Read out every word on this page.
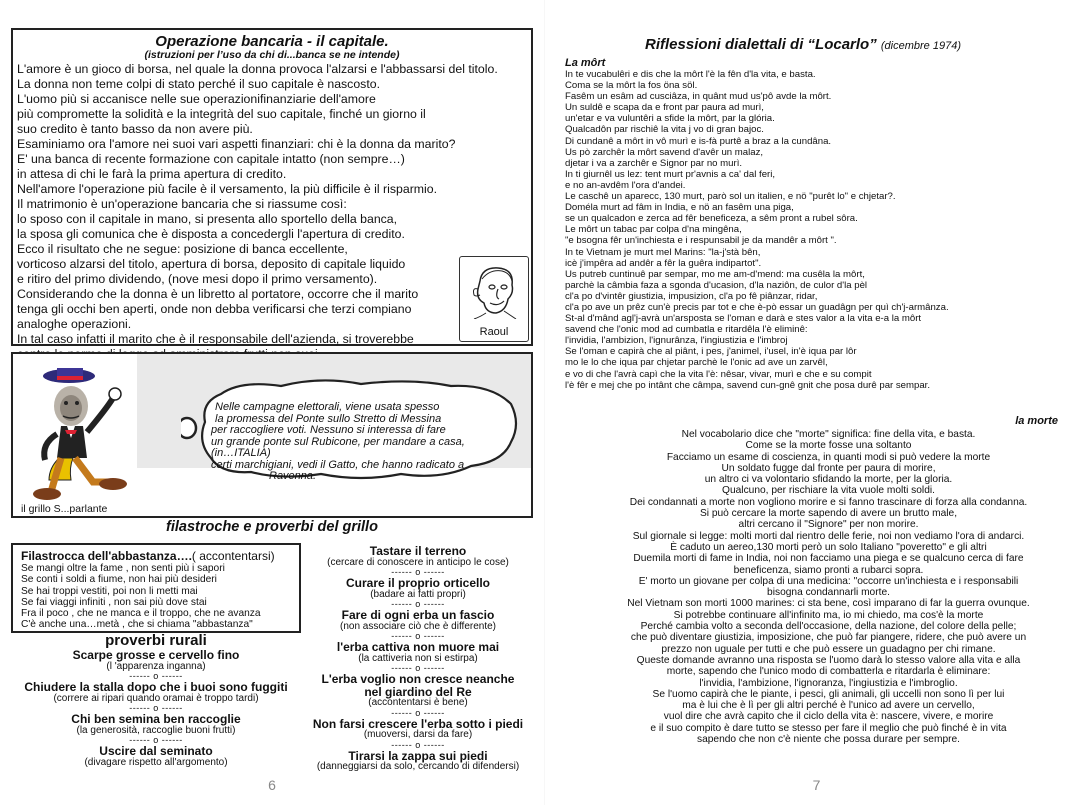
Operazione bancaria - il capitale.
(istruzioni per l’uso da chi di...banca se ne intende)
L'amore è un gioco di borsa, nel quale la donna provoca l'alzarsi e l'abbassarsi del titolo.
La donna non teme colpi di stato perché il suo capitale è nascosto.
L'uomo più si accanisce nelle sue operazionifinanziarie dell'amore
più compromette la solidità e la integrità del suo capitale, finché un giorno il
suo credito è tanto basso da non avere più.
Esaminiamo ora l'amore nei suoi vari aspetti finanziari: chi è la donna da marito?
E' una banca di recente formazione con capitale intatto (non sempre…)
in attesa di chi le farà la prima apertura di credito.
Nell'amore l'operazione più facile è il versamento, la più difficile è il risparmio.
Il matrimonio è un'operazione bancaria che si riassume così:
lo sposo con il capitale in mano, si presenta allo sportello della banca,
la sposa gli comunica che è disposta a concedergli l'apertura di credito.
Ecco il risultato che ne segue: posizione di banca eccellente,
vorticoso alzarsi del titolo, apertura di borsa, deposito di capitale liquido
e ritiro del primo dividendo, (nove mesi dopo il primo versamento).
Considerando che la donna è un libretto al portatore, occorre che il marito
tenga gli occhi ben aperti, onde non debba verificarsi che terzi compiano
analoghe operazioni.
In tal caso infatti il marito che è il responsabile dell'azienda, si troverebbe	Raoul
Nelle campagne elettorali, viene usata spesso
la promessa del Ponte sullo Stretto di Messina
per raccogliere voti. Nessuno si interessa di fare
un grande ponte sul Rubicone, per mandare a casa,
(in…ITALIA)
certi marchigiani, vedi il Gatto, che hanno radicato a
Ravenna.
il grillo S...parlante
filastroche e proverbi del grillo
Filastrocca dell'abbastanza….( accontentarsi)
Se mangi oltre la fame , non senti più i sapori
Se conti i soldi a fiume, non hai più desideri
Se hai troppi vestiti, poi non li metti mai
Se fai viaggi infiniti , non sai più dove stai
Fra il poco , che ne manca e il troppo, che ne avanza
C'è anche una…metà , che si chiama "abbastanza"
proverbi rurali
Scarpe grosse e cervello fino
(l 'apparenza inganna)
------ o ------
Chiudere la stalla dopo che i buoi sono fuggiti
(correre ai ripari quando oramai è troppo tardi)
------ o ------
Chi ben semina ben raccoglie
(la generosità, raccoglie buoni frutti)
------ o ------
Uscire dal seminato
(divagare rispetto all'argomento)
Tastare il terreno
(cercare di conoscere in anticipo le cose)
------ o ------
Curare il proprio orticello
(badare ai fatti propri)
------ o ------
Fare di ogni erba un fascio
(non associare ciò che è differente)
------ o ------
l'erba cattiva non muore mai
(la cattiveria non si estirpa)
------ o ------
L'erba voglio non cresce neanche
nel giardino del Re
(accontentarsi è bene)
------ o ------
Non farsi crescere l'erba sotto i piedi
(muoversi, darsi da fare)
------ o ------
Tirarsi la zappa sui piedi
(danneggiarsi da solo, cercando di difendersi)
6
Riflessioni dialettali di “Locarlo” (dicembre 1974)
La môrt
In te vucabulêri e dis che la môrt l'è la fên d'la vita, e basta.
Coma se la môrt la fos öna söl.
Fasêm un esâm ad cusciâza, in quânt mud us'pô avde la môrt.
Un suldê e scapa da e front par paura ad murì,
un'etar e va vuluntêri a sfide la môrt, par la glória.
Qualcadôn par rischiê la vita j vo di gran bajoc.
Di cundanê a môrt in vô murì e is-fà purtê a braz a la cundâna.
Us pò zarchêr la môrt savend d'avêr un malaz,
djetar i va a zarchêr e Signor par no murì.
In ti giurnêl us lez: tent murt pr'avnis a ca' dal feri,
e no an-avdêm l'ora d'andei.
Le caschê un aparecc, 130 murt, parò sol un italien, e nö "purêt lo" e chjetar?.
Doméla murt ad fâm in India, e nö an fasêm una piga,
se un qualcadon e zerca ad fêr beneficeza, a sêm pront a rubel sôra.
Le môrt un tabac par colpa d'na mingêna,
"e bsogna fêr un'inchiesta e i respunsabil je da mandêr a môrt ".
In te Vietnam je murt mel Marins: "la-j'stà bên,
icè j'impêra ad andêr a fêr la guêra indipartot".
Us putreb cuntinuê par sempar, mo me am-d'mend: ma cusêla la môrt,
parchè la câmbia faza a sgonda d'ucasion, d'la naziôn, de culor d'la pèl
cl'a po d'vintêr giustizia, impusizion, cl'a po fê piânzar, ridar,
cl'a po ave un prêz cun'è precis par tot e che è-pò essar un guadâgn per quì ch'j-armânza.
St-al d'mând agl'j-avrà un'arsposta se l'oman e darà e stes valor a la vita e-a la môrt
savend che l'onic mod ad cumbatla e ritardêla l'è eliminê:
l'invidia, l'ambizion, l'ignurânza, l'ingiustizia e l'imbroj
Se l'oman e capirà che al piânt, i pes, j'animel, i'usel, in'è iqua par lôr
mo le lo che iqua par chjetar parchè le l'onic ad ave un zarvêl,
e vo di che l'avrà capì che la vita l'è: nêsar, vivar, murì e che e su compit
l'è fêr e mej che po intânt che câmpa, savend cun-gnê gnit che posa durê par sempar.
la morte
Nel vocabolario dice che "morte" significa: fine della vita, e basta.
Come se la morte fosse una soltanto
Facciamo un esame di coscienza, in quanti modi si può vedere la morte
Un soldato fugge dal fronte per paura di morire,
un altro ci va volontario sfidando la morte, per la gloria.
Qualcuno, per rischiare la vita vuole molti soldi.
Dei condannati a morte non vogliono morire e si fanno trascinare di forza alla condanna.
Si può cercare la morte sapendo di avere un brutto male,
altri cercano il "Signore" per non morire.
Sul giornale si legge: molti morti dal rientro delle ferie, noi non vediamo l'ora di andarci.
È caduto un aereo,130 morti però un solo Italiano "poveretto" e gli altri
Duemila morti di fame in India, noi non facciamo una piega e se qualcuno cerca di fare
beneficenza, siamo pronti a rubarci sopra.
E' morto un giovane per colpa di una medicina: "occorre un'inchiesta e i responsabili
bisogna condannarli morte.
Nel Vietnam son morti 1000 marines: ci sta bene, così imparano di far la guerra ovunque.
Si potrebbe continuare all'infinito ma, io mi chiedo, ma cos'è la morte
Perché cambia volto a seconda dell'occasione, della nazione, del colore della pelle;
che può diventare giustizia, imposizione, che può far piangere, ridere, che può avere un
prezzo non uguale per tutti e che può essere un guadagno per chi rimane.
Queste domande avranno una risposta se l'uomo darà lo stesso valore alla vita e alla
morte, sapendo che l'unico modo di combatterla e ritardarla è eliminare:
l'invidia, l'ambizione, l'ignoranza, l'ingiustizia e l'imbroglio.
Se l'uomo capirà che le piante, i pesci, gli animali, gli uccelli non sono lì per lui
ma è lui che è lì per gli altri perché è l'unico ad avere un cervello,
vuol dire che avrà capito che il ciclo della vita è: nascere, vivere, e morire
e il suo compito è dare tutto se stesso per fare il meglio che può finché è in vita
sapendo che non c'è niente che possa durare per sempre.
7
